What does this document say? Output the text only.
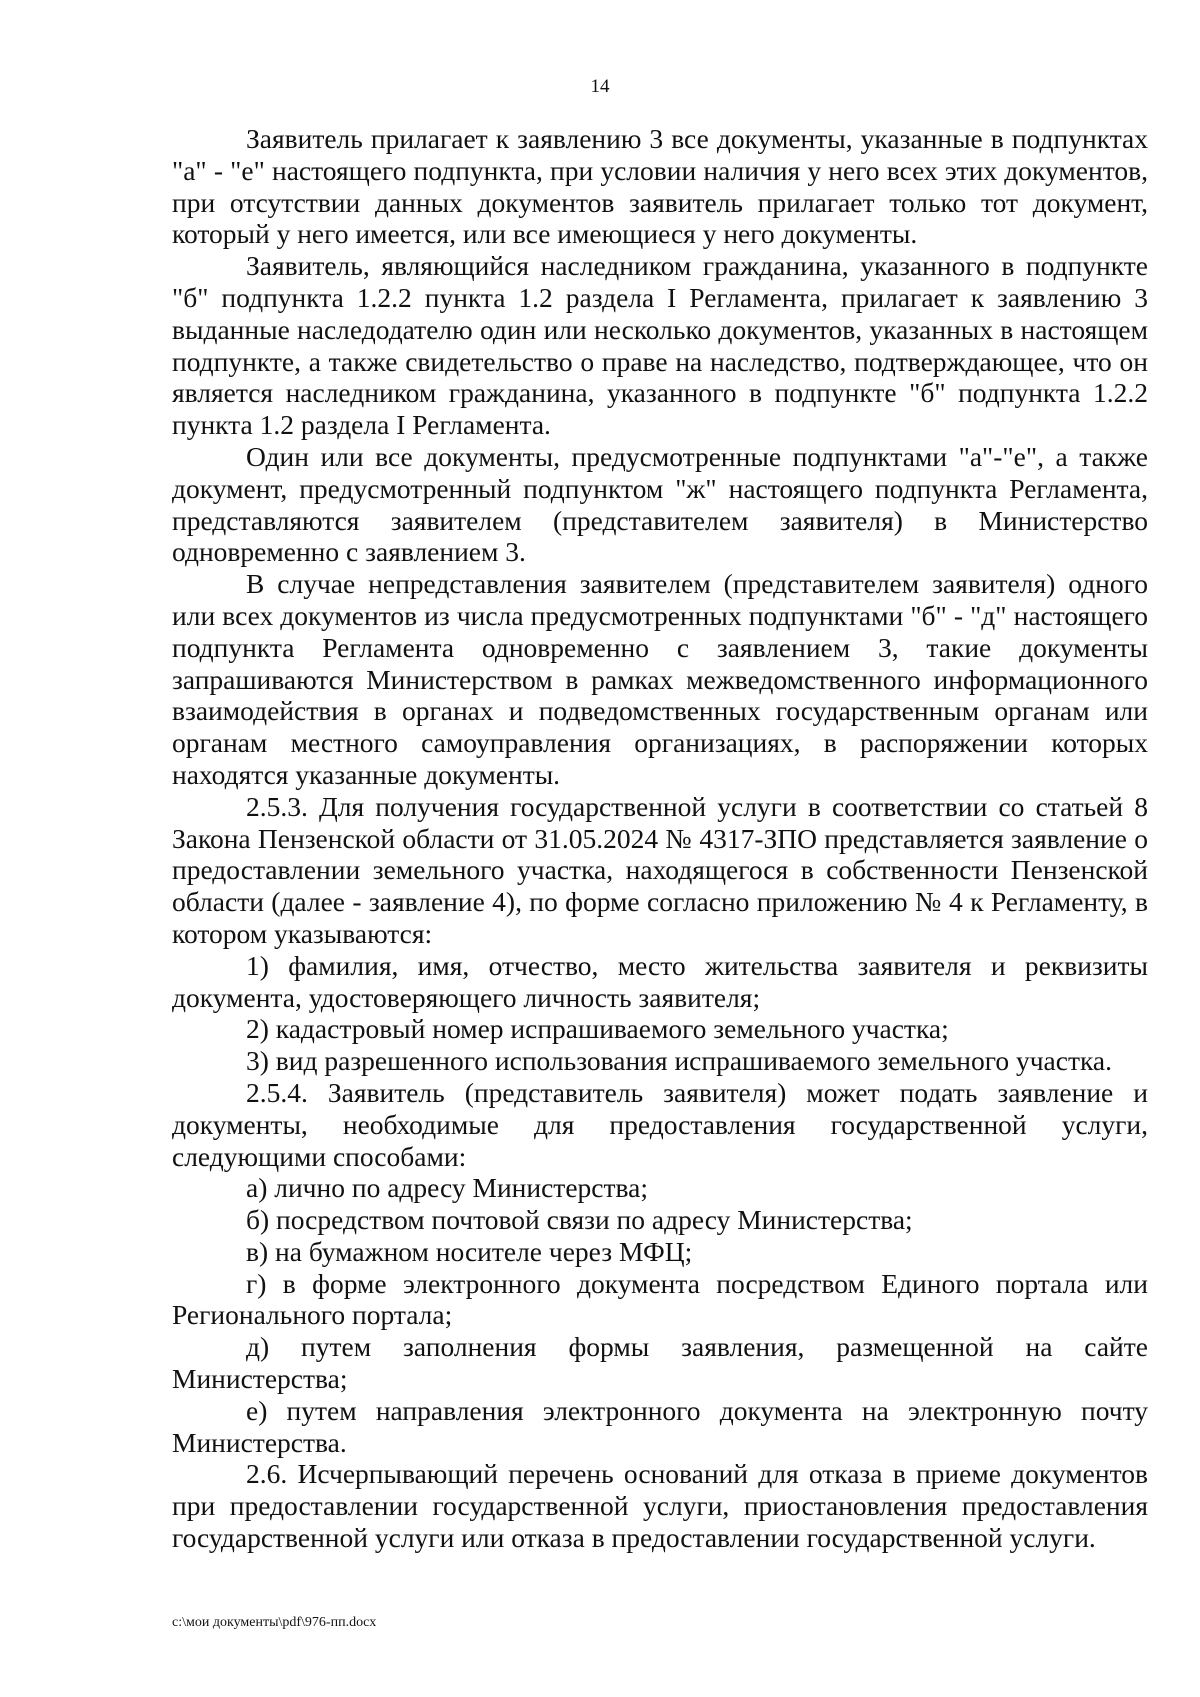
14

Заявитель прилагает к заявлению 3 все документы, указанные в подпунктах "а" - "е" настоящего подпункта, при условии наличия у него всех этих документов, при отсутствии данных документов заявитель прилагает только тот документ, который у него имеется, или все имеющиеся у него документы.

Заявитель, являющийся наследником гражданина, указанного в подпункте "б" подпункта 1.2.2 пункта 1.2 раздела I Регламента, прилагает к заявлению 3 выданные наследодателю один или несколько документов, указанных в настоящем подпункте, а также свидетельство о праве на наследство, подтверждающее, что он является наследником гражданина, указанного в подпункте "б" подпункта 1.2.2 пункта 1.2 раздела I Регламента.

Один или все документы, предусмотренные подпунктами "а"-"е", а также документ, предусмотренный подпунктом "ж" настоящего подпункта Регламента, представляются заявителем (представителем заявителя) в Министерство одновременно с заявлением 3.

В случае непредставления заявителем (представителем заявителя) одного или всех документов из числа предусмотренных подпунктами "б" - "д" настоящего подпункта Регламента одновременно с заявлением 3, такие документы запрашиваются Министерством в рамках межведомственного информационного взаимодействия в органах и подведомственных государственным органам или органам местного самоуправления организациях, в распоряжении которых находятся указанные документы.

2.5.3. Для получения государственной услуги в соответствии со статьей 8 Закона Пензенской области от 31.05.2024 № 4317-ЗПО представляется заявление о предоставлении земельного участка, находящегося в собственности Пензенской области (далее - заявление 4), по форме согласно приложению № 4 к Регламенту, в котором указываются:

1) фамилия, имя, отчество, место жительства заявителя и реквизиты документа, удостоверяющего личность заявителя;

2) кадастровый номер испрашиваемого земельного участка;

3) вид разрешенного использования испрашиваемого земельного участка.

2.5.4. Заявитель (представитель заявителя) может подать заявление и документы, необходимые для предоставления государственной услуги, следующими способами:

а) лично по адресу Министерства;

б) посредством почтовой связи по адресу Министерства;

в) на бумажном носителе через МФЦ;

г) в форме электронного документа посредством Единого портала или Регионального портала;

д) путем заполнения формы заявления, размещенной на сайте Министерства;

е) путем направления электронного документа на электронную почту Министерства.

2.6. Исчерпывающий перечень оснований для отказа в приеме документов при предоставлении государственной услуги, приостановления предоставления государственной услуги или отказа в предоставлении государственной услуги.

c:\мои документы\pdf\976-пп.docx
